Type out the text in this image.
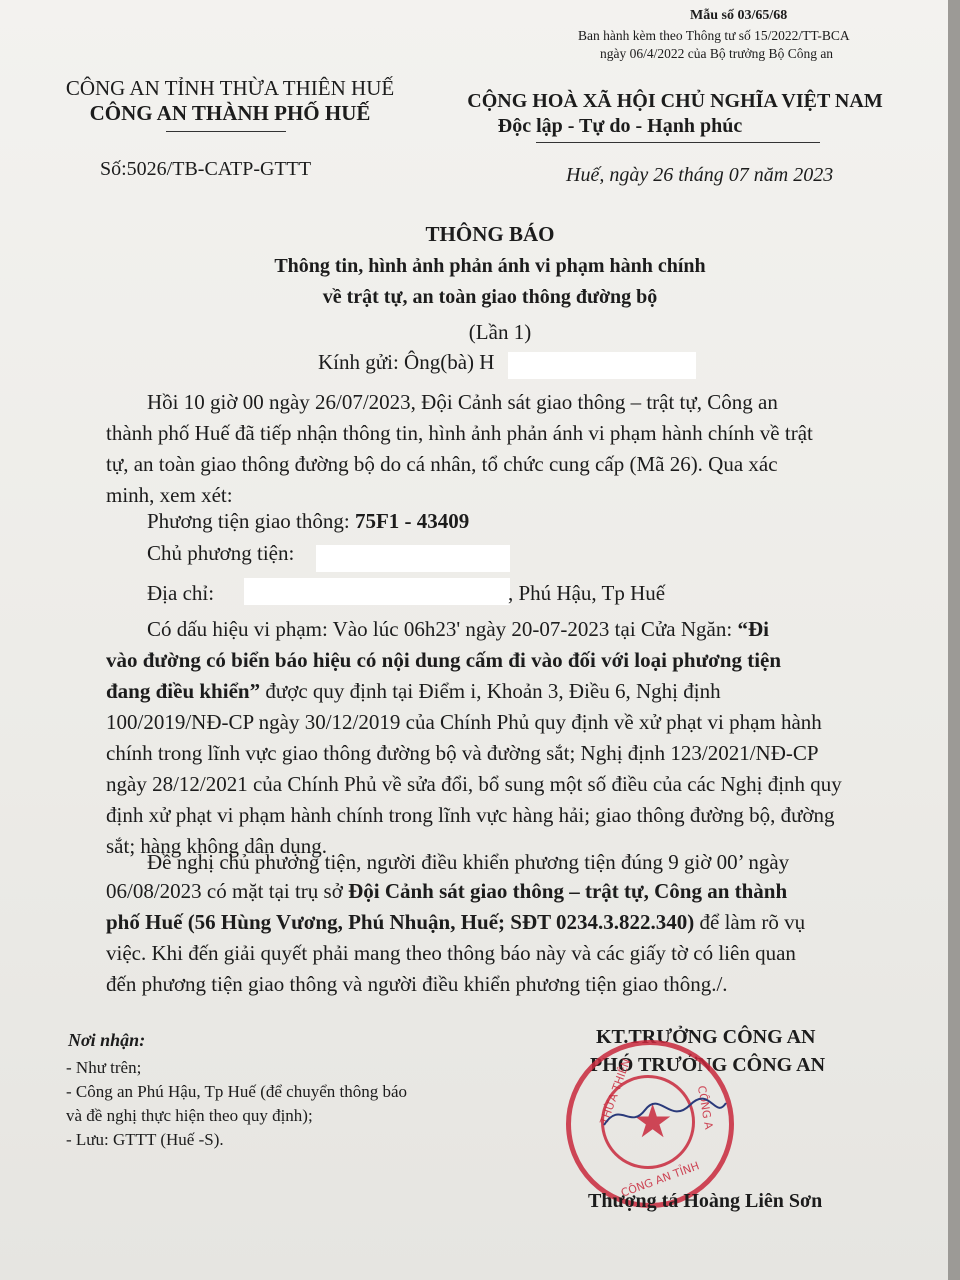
Mẫu số 03/65/68
Ban hành kèm theo Thông tư số 15/2022/TT-BCA
ngày 06/4/2022 của Bộ trưởng Bộ Công an
CÔNG AN TỈNH THỪA THIÊN HUẾ
CÔNG AN THÀNH PHỐ HUẾ
Số:5026/TB-CATP-GTTT
CỘNG HOÀ XÃ HỘI CHỦ NGHĨA VIỆT NAM
Độc lập - Tự do - Hạnh phúc
Huế, ngày 26 tháng 07 năm 2023
THÔNG BÁO
Thông tin, hình ảnh phản ánh vi phạm hành chính
về trật tự, an toàn giao thông đường bộ
(Lần 1)
Kính gửi: Ông(bà) H
Hồi 10 giờ 00 ngày 26/07/2023, Đội Cảnh sát giao thông – trật tự, Công an
thành phố Huế đã tiếp nhận thông tin, hình ảnh phản ánh vi phạm hành chính về trật
tự, an toàn giao thông đường bộ do cá nhân, tổ chức cung cấp (Mã 26). Qua xác
minh, xem xét:
Phương tiện giao thông: 75F1 - 43409
Chủ phương tiện:
Địa chỉ:	, Phú Hậu, Tp Huế
Có dấu hiệu vi phạm: Vào lúc 06h23' ngày 20-07-2023 tại Cửa Ngăn: “Đi
vào đường có biển báo hiệu có nội dung cấm đi vào đối với loại phương tiện
đang điều khiển” được quy định tại Điểm i, Khoản 3, Điều 6, Nghị định
100/2019/NĐ-CP ngày 30/12/2019 của Chính Phủ quy định về xử phạt vi phạm hành
chính trong lĩnh vực giao thông đường bộ và đường sắt; Nghị định 123/2021/NĐ-CP
ngày 28/12/2021 của Chính Phủ về sửa đổi, bổ sung một số điều của các Nghị định quy
định xử phạt vi phạm hành chính trong lĩnh vực hàng hải; giao thông đường bộ, đường
sắt; hàng không dân dụng.
Đề nghị chủ phương tiện, người điều khiển phương tiện đúng 9 giờ 00’ ngày
06/08/2023 có mặt tại trụ sở Đội Cảnh sát giao thông – trật tự, Công an thành
phố Huế (56 Hùng Vương, Phú Nhuận, Huế; SĐT 0234.3.822.340) để làm rõ vụ
việc. Khi đến giải quyết phải mang theo thông báo này và các giấy tờ có liên quan
đến phương tiện giao thông và người điều khiển phương tiện giao thông./.
Nơi nhận:
- Như trên;
- Công an Phú Hậu, Tp Huế (để chuyển thông báo
và đề nghị thực hiện theo quy định);
- Lưu: GTTT (Huế -S).
KT.TRƯỞNG CÔNG AN
PHÓ TRƯỞNG CÔNG AN
★
THỪA THIÊN
CÔNG AN TỈNH
CÔNG A
Thượng tá Hoàng Liên Sơn
